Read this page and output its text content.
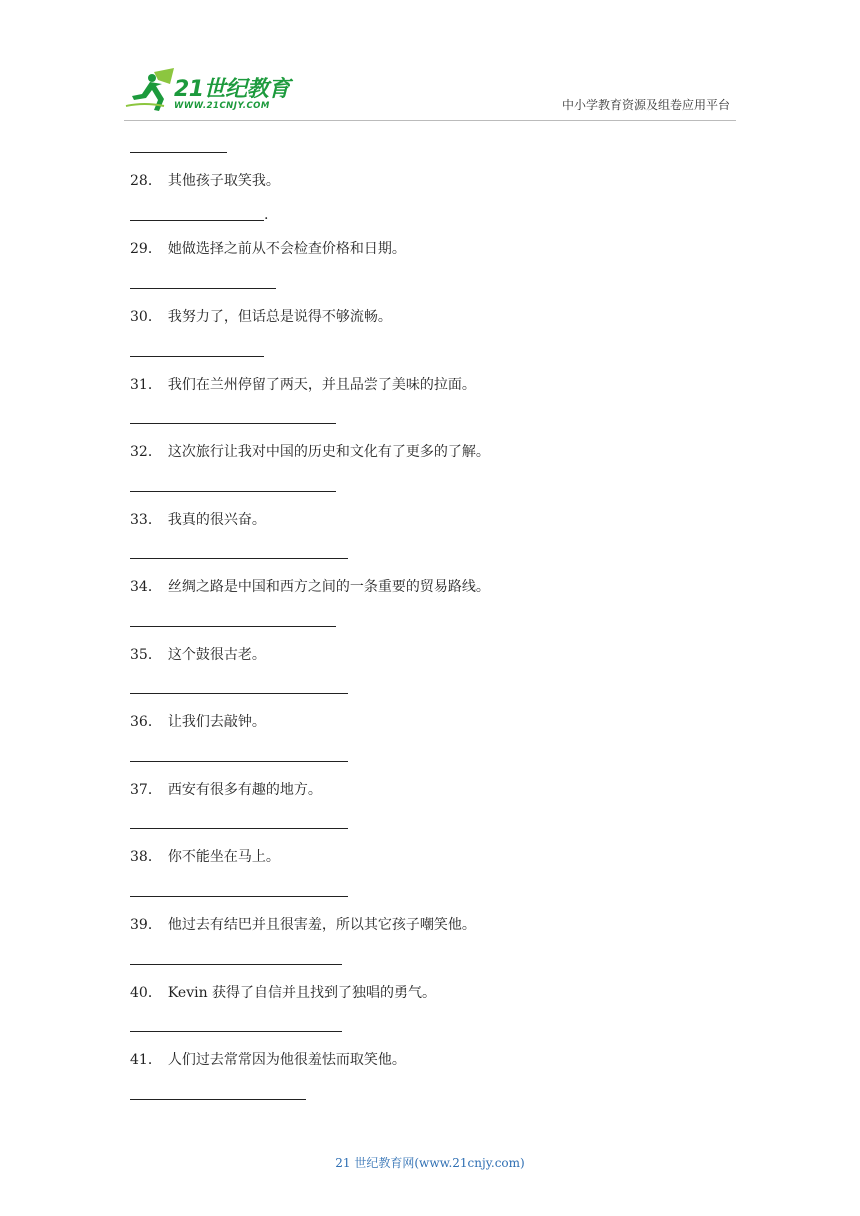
21世纪教育
WWW.21CNJY.COM	中小学教育资源及组卷应用平台
28． 其他孩子取笑我。
.
29． 她做选择之前从不会检查价格和日期。
30． 我努力了，但话总是说得不够流畅。
31． 我们在兰州停留了两天，并且品尝了美味的拉面。
32． 这次旅行让我对中国的历史和文化有了更多的了解。
33． 我真的很兴奋。
34． 丝绸之路是中国和西方之间的一条重要的贸易路线。
35． 这个鼓很古老。
36． 让我们去敲钟。
37． 西安有很多有趣的地方。
38． 你不能坐在马上。
39． 他过去有结巴并且很害羞，所以其它孩子嘲笑他。
40． Kevin 获得了自信并且找到了独唱的勇气。
41． 人们过去常常因为他很羞怯而取笑他。
21 世纪教育网(www.21cnjy.com)
